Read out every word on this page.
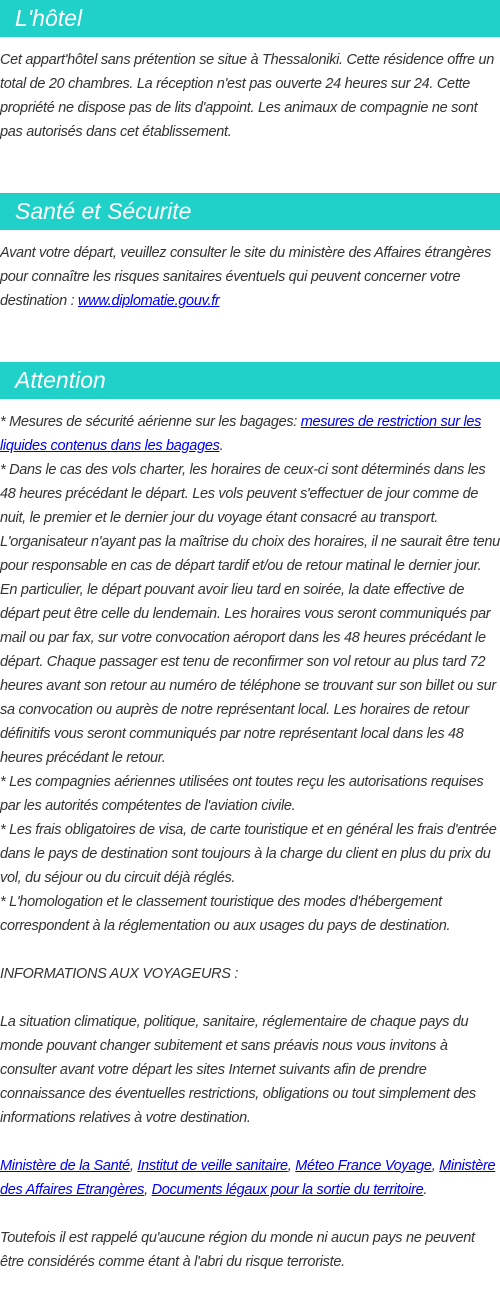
L'hôtel

Cet appart'hôtel sans prétention se situe à Thessaloniki. Cette résidence offre un total de 20 chambres. La réception n'est pas ouverte 24 heures sur 24. Cette propriété ne dispose pas de lits d'appoint. Les animaux de compagnie ne sont pas autorisés dans cet établissement.

Santé et Sécurite

Avant votre départ, veuillez consulter le site du ministère des Affaires étrangères pour connaître les risques sanitaires éventuels qui peuvent concerner votre destination : www.diplomatie.gouv.fr

Attention

* Mesures de sécurité aérienne sur les bagages: mesures de restriction sur les liquides contenus dans les bagages.

* Dans le cas des vols charter, les horaires de ceux-ci sont déterminés dans les 48 heures précédant le départ. Les vols peuvent s'effectuer de jour comme de nuit, le premier et le dernier jour du voyage étant consacré au transport. L'organisateur n'ayant pas la maîtrise du choix des horaires, il ne saurait être tenu pour responsable en cas de départ tardif et/ou de retour matinal le dernier jour. En particulier, le départ pouvant avoir lieu tard en soirée, la date effective de départ peut être celle du lendemain. Les horaires vous seront communiqués par mail ou par fax, sur votre convocation aéroport dans les 48 heures précédant le départ. Chaque passager est tenu de reconfirmer son vol retour au plus tard 72 heures avant son retour au numéro de téléphone se trouvant sur son billet ou sur sa convocation ou auprès de notre représentant local. Les horaires de retour définitifs vous seront communiqués par notre représentant local dans les 48 heures précédant le retour.

* Les compagnies aériennes utilisées ont toutes reçu les autorisations requises par les autorités compétentes de l'aviation civile.

* Les frais obligatoires de visa, de carte touristique et en général les frais d'entrée dans le pays de destination sont toujours à la charge du client en plus du prix du vol, du séjour ou du circuit déjà réglés.

* L'homologation et le classement touristique des modes d'hébergement correspondent à la réglementation ou aux usages du pays de destination.

INFORMATIONS AUX VOYAGEURS :

La situation climatique, politique, sanitaire, réglementaire de chaque pays du monde pouvant changer subitement et sans préavis nous vous invitons à consulter avant votre départ les sites Internet suivants afin de prendre connaissance des éventuelles restrictions, obligations ou tout simplement des informations relatives à votre destination.

Ministère de la Santé, Institut de veille sanitaire, Méteo France Voyage, Ministère des Affaires Etrangères, Documents légaux pour la sortie du territoire.

Toutefois il est rappelé qu'aucune région du monde ni aucun pays ne peuvent être considérés comme étant à l'abri du risque terroriste.
